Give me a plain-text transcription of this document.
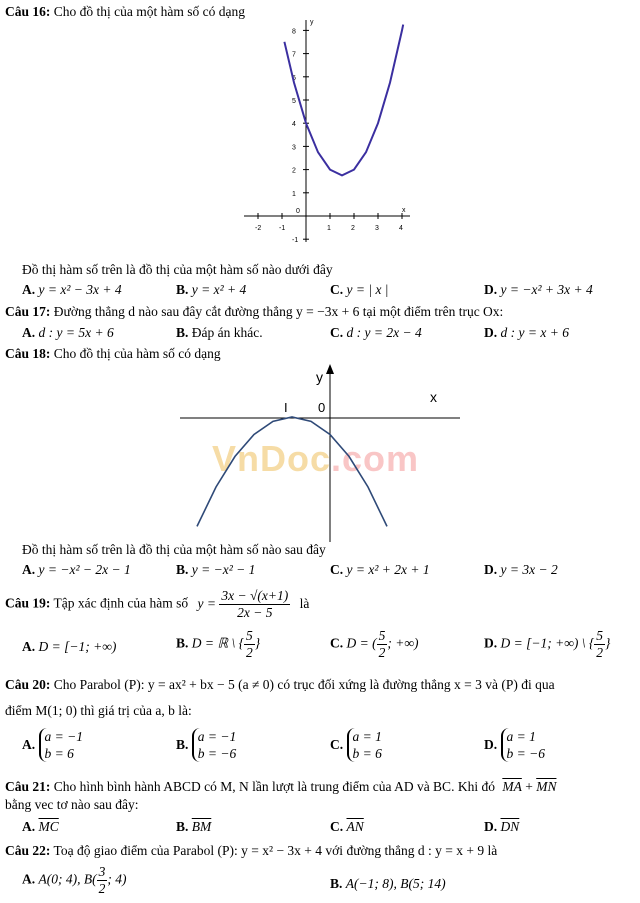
Câu 16: Cho đồ thị của một hàm số có dạng
-2	-1	1	2	3	4
-1
1
2
3
4
5
6
7
8
y
x
0
Đồ thị hàm số trên là đồ thị của một hàm số nào dưới đây
A. y = x² − 3x + 4	B. y = x² + 4	C. y = | x |	D. y = −x² + 3x + 4
Câu 17: Đường thẳng d nào sau đây cắt đường thẳng y = −3x + 6 tại một điểm trên trục Ox:
A. d : y = 5x + 6	B. Đáp án khác.	C. d : y = 2x − 4	D. d : y = x + 6
Câu 18: Cho đồ thị của hàm số có dạng
VnDoc.com
y
x
0
I
Đồ thị hàm số trên là đồ thị của một hàm số nào sau đây
A. y = −x² − 2x − 1	B. y = −x² − 1	C. y = x² + 2x + 1	D. y = 3x − 2
Câu 19: Tập xác định của hàm số $y = \frac{3x - √(x+1)}{2x - 5}$ là
A. D = [−1; +∞)	B. D = ℝ \ { $\frac{5}{2}$ }	C. D = ( $\frac{5}{2}$ ; +∞)	D. D = [−1; +∞) \ { $\frac{5}{2}$ }
Câu 20: Cho Parabol (P): y = ax² + bx − 5 (a ≠ 0) có trục đối xứng là đường thẳng x = 3 và (P) đi qua
điểm M(1; 0) thì giá trị của a, b là:
A. a = −1
b = 6
B. a = −1
b = −6
C. a = 1
b = 6
D. a = 1
b = −6
Câu 21: Cho hình bình hành ABCD có M, N lần lượt là trung điểm của AD và BC. Khi đó $\overline{MA} + \overline{MN}$
bằng vec tơ nào sau đây:
A. $\overline{MC}$	B. $\overline{BM}$	C. $\overline{AN}$	D. $\overline{DN}$
Câu 22: Toạ độ giao điểm của Parabol (P): y = x² − 3x + 4 với đường thẳng d : y = x + 9 là
A. A(0; 4), $B( \frac{3}{2}$ ; 4)	B. A(−1; 8), B(5; 14)
